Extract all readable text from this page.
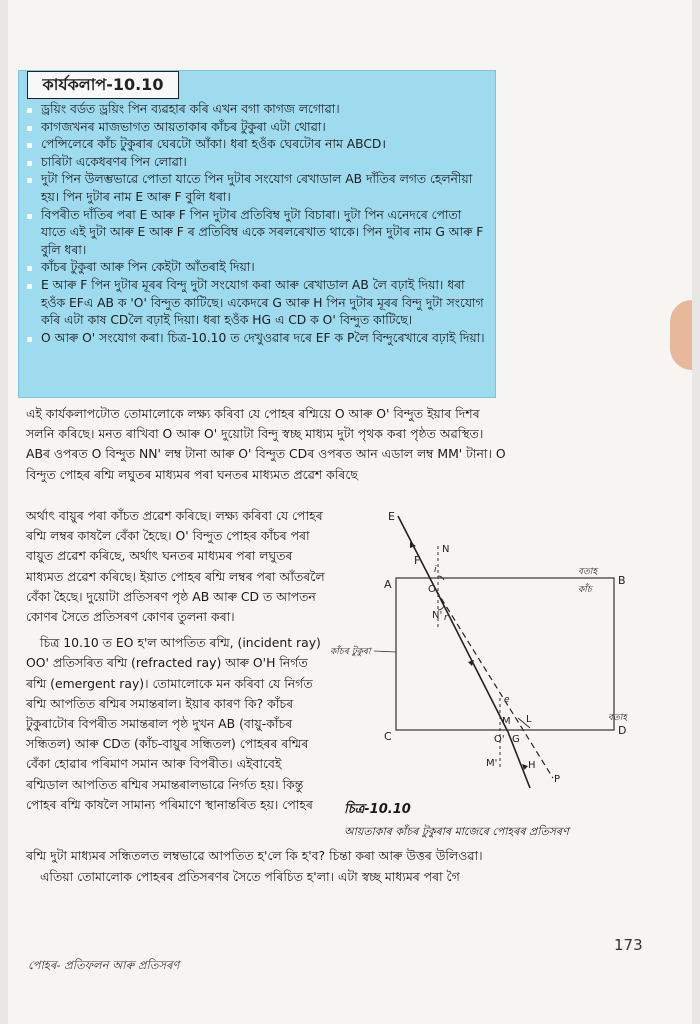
কাৰ্যকলাপ-10.10
ড্ৰয়িং বৰ্ডত ড্ৰয়িং পিন ব্যৱহাৰ কৰি এখন বগা কাগজ লগোৱা।
কাগজখনৰ মাজভাগত আয়তাকাৰ কাঁচৰ টুকুৰা এটা থোৱা।
পেন্সিলেৰে কাঁচ টুকুৰাৰ ঘেৰটো আঁকা। ধৰা হওঁক ঘেৰটোৰ নাম ABCD।
চাৰিটা একেধৰণৰ পিন লোৱা।
দুটা পিন উলম্ভভাৱে পোতা যাতে পিন দুটাৰ সংযোগ ৰেখাডাল AB দাঁতিৰ লগত হেলনীয়া হয়। পিন দুটাৰ নাম E আৰু F বুলি ধৰা।
বিপৰীত দাঁতিৰ পৰা E আৰু F পিন দুটাৰ প্ৰতিবিম্ব দুটা বিচাৰা। দুটা পিন এনেদৰে পোতা যাতে এই দুটা আৰু E আৰু F ৰ প্ৰতিবিম্ব একে সৰলৰেখাত থাকে। পিন দুটাৰ নাম G আৰু F বুলি ধৰা।
কাঁচৰ টুকুৰা আৰু পিন কেইটা আঁতৰাই দিয়া।
E আৰু F পিন দুটাৰ মূৰৰ বিন্দু দুটা সংযোগ কৰা আৰু ৰেখাডাল AB লৈ বঢ়াই দিয়া। ধৰা হওঁক EFএ AB ক 'O' বিন্দুত কাটিছে। একেদৰে G আৰু H পিন দুটাৰ মূৰৰ বিন্দু দুটা সংযোগ কৰি এটা কাষ CDলৈ বঢ়াই দিয়া। ধৰা হওঁক HG এ CD ক O' বিন্দুত কাটিছে।
O আৰু O' সংযোগ কৰা। চিত্ৰ-10.10 ত দেখুওৱাৰ দৰে EF ক Pলৈ বিন্দুৰেখাৰে বঢ়াই দিয়া।

এই কাৰ্যকলাপটোত তোমালোকে লক্ষ্য কৰিবা যে পোহৰ ৰশ্মিয়ে O আৰু O' বিন্দুত ইয়াৰ দিশৰ সলনি কৰিছে। মনত ৰাখিবা O আৰু O' দুয়োটা বিন্দু স্বচ্ছ মাধ্যম দুটা পৃথক কৰা পৃষ্ঠত অৱস্থিত। ABৰ ওপৰত O বিন্দুত NN' লম্ব টানা আৰু O' বিন্দুত CDৰ ওপৰত আন এডাল লম্ব MM' টানা। O বিন্দুত পোহৰ ৰশ্মি লঘুতৰ মাধ্যমৰ পৰা ঘনতৰ মাধ্যমত প্ৰৱেশ কৰিছে

অৰ্থাৎ বায়ুৰ পৰা কাঁচত প্ৰৱেশ কৰিছে। লক্ষ্য কৰিবা যে পোহৰ ৰশ্মি লম্বৰ কাষলৈ বেঁকা হৈছে। O' বিন্দুত পোহৰ কাঁচৰ পৰা বায়ুত প্ৰৱেশ কৰিছে, অৰ্থাৎ ঘনতৰ মাধ্যমৰ পৰা লঘুতৰ মাধ্যমত প্ৰৱেশ কৰিছে। ইয়াত পোহৰ ৰশ্মি লম্বৰ পৰা আঁতৰলৈ বেঁকা হৈছে। দুয়োটা প্ৰতিসৰণ পৃষ্ঠ AB আৰু CD ত আপতন কোণৰ সৈতে প্ৰতিসৰণ কোণৰ তুলনা কৰা।

চিত্ৰ 10.10 ত EO হ'ল আপতিত ৰশ্মি, (incident ray) OO' প্ৰতিসৰিত ৰশ্মি (refracted ray) আৰু O'H নিৰ্গত ৰশ্মি (emergent ray)। তোমালোকে মন কৰিবা যে নিৰ্গত ৰশ্মি আপতিত ৰশ্মিৰ সমান্তৰাল। ইয়াৰ কাৰণ কি? কাঁচৰ টুকুৰাটোৰ বিপৰীত সমান্তৰাল পৃষ্ঠ দুখন AB (বায়ু-কাঁচৰ সন্ধিতল) আৰু CDত (কাঁচ-বায়ুৰ সন্ধিতল) পোহৰৰ ৰশ্মিৰ বেঁকা হোৱাৰ পৰিমাণ সমান আৰু বিপৰীত। এইবাবেই ৰশ্মিডাল আপতিত ৰশ্মিৰ সমান্তৰালভাৱে নিৰ্গত হয়। কিন্তু পোহৰ ৰশ্মি কাষলৈ সামান্য পৰিমাণে স্থানান্তৰিত হয়। পোহৰ

ৰশ্মি দুটা মাধ্যমৰ সন্ধিতলত লম্বভাৱে আপতিত হ'লে কি হ'ব? চিন্তা কৰা আৰু উত্তৰ উলিওৱা।

এতিয়া তোমালোক পোহৰৰ প্ৰতিসৰণৰ সৈতে পৰিচিত হ'লা। এটা স্বচ্ছ মাধ্যমৰ পৰা গৈ

E
F
N
i
A	O
B
বতাহ
কাঁচ
N' r
কাঁচৰ টুকুৰা
e
M L	বতাহ
C	O' G
D
M'	H
P
চিত্ৰ-10.10
আয়তাকাৰ কাঁচৰ টুকুৰাৰ মাজেৰে পোহৰৰ প্ৰতিসৰণ
173
পোহৰ- প্ৰতিফলন আৰু প্ৰতিসৰণ
